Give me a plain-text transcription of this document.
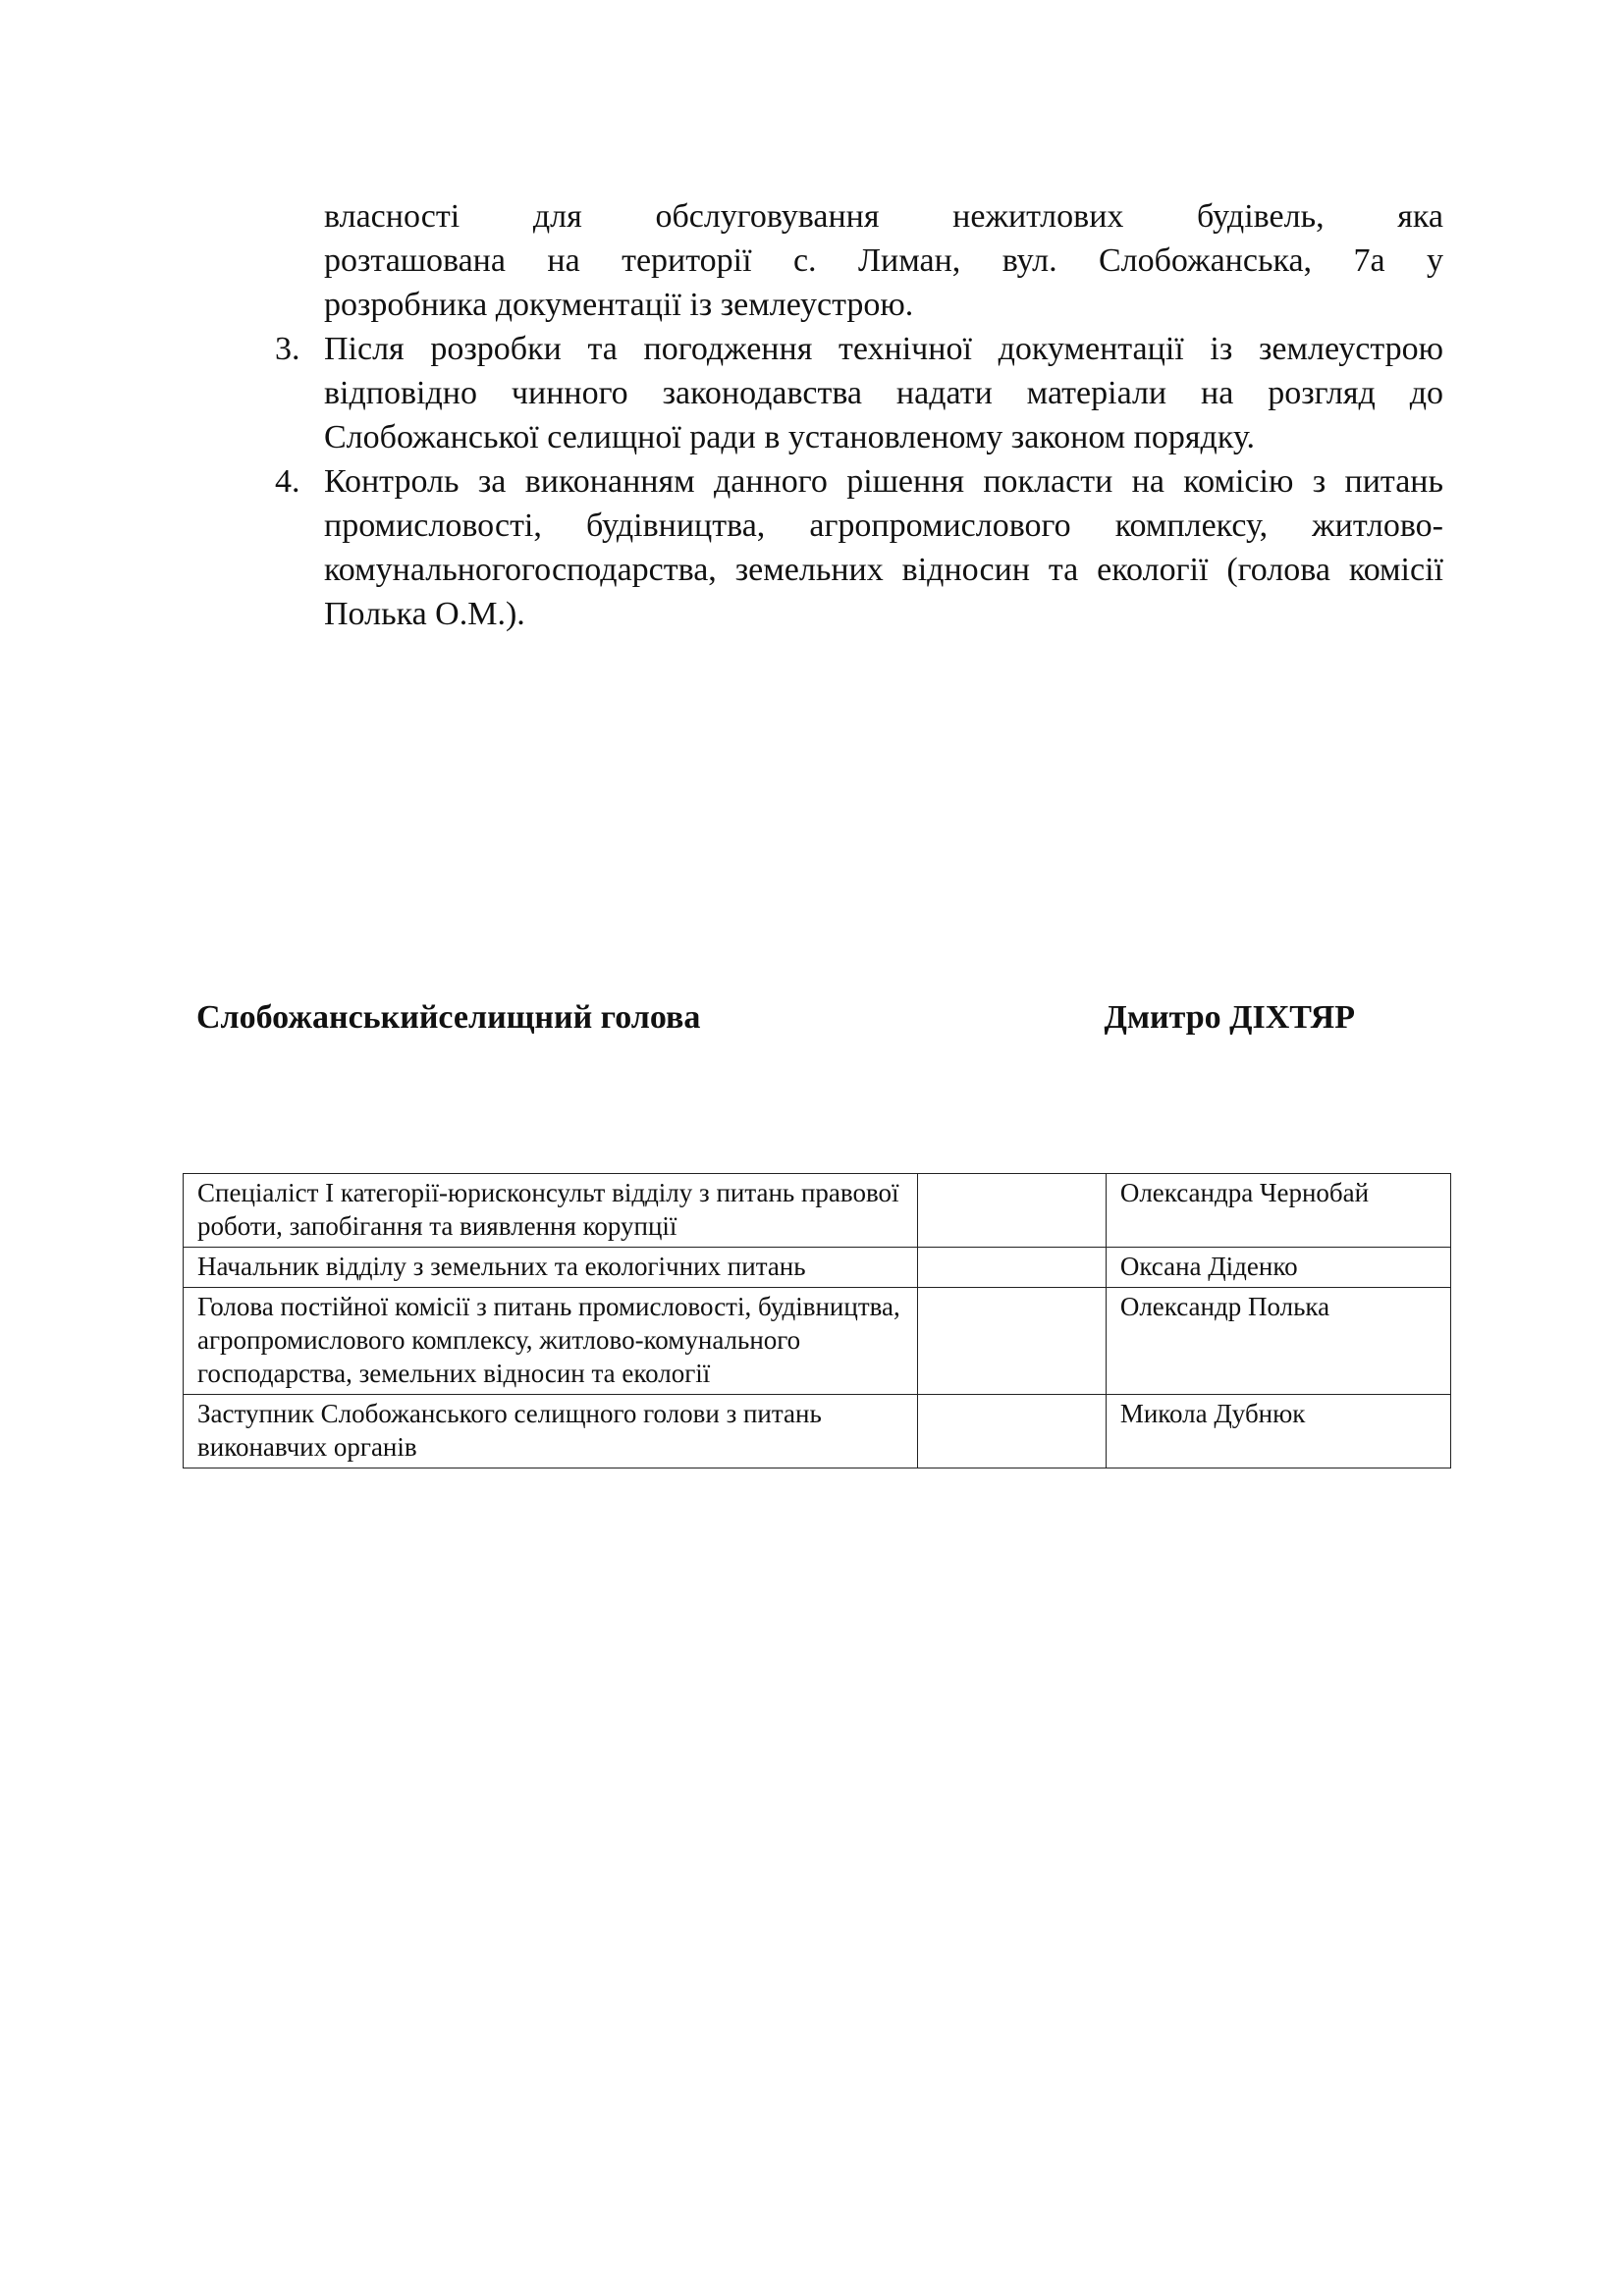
власності для обслуговування нежитлових будівель, яка
розташована на території с. Лиман, вул. Слобожанська, 7а у
розробника документації із землеустрою.
3. Після розробки та погодження технічної документації із землеустрою відповідно чинного законодавства надати матеріали на розгляд до Слобожанської селищної ради в установленому законом порядку.
4. Контроль за виконанням данного рішення покласти на комісію з питань промисловості, будівництва, агропромислового комплексу, житлово-комунальногогосподарства, земельних відносин та екології (голова комісії Полька О.М.).
Слобожанськийселищний голова	Дмитро ДІХТЯР
Спеціаліст І категорії-юрисконсульт відділу з питань правової роботи, запобігання та виявлення корупції		Олександра Чернобай
Начальник відділу з земельних та екологічних питань		Оксана Діденко
Голова постійної комісії з питань промисловості, будівництва, агропромислового комплексу, житлово-комунального господарства, земельних відносин та екології		Олександр Полька
Заступник Слобожанського селищного голови з питань виконавчих органів		Микола Дубнюк
